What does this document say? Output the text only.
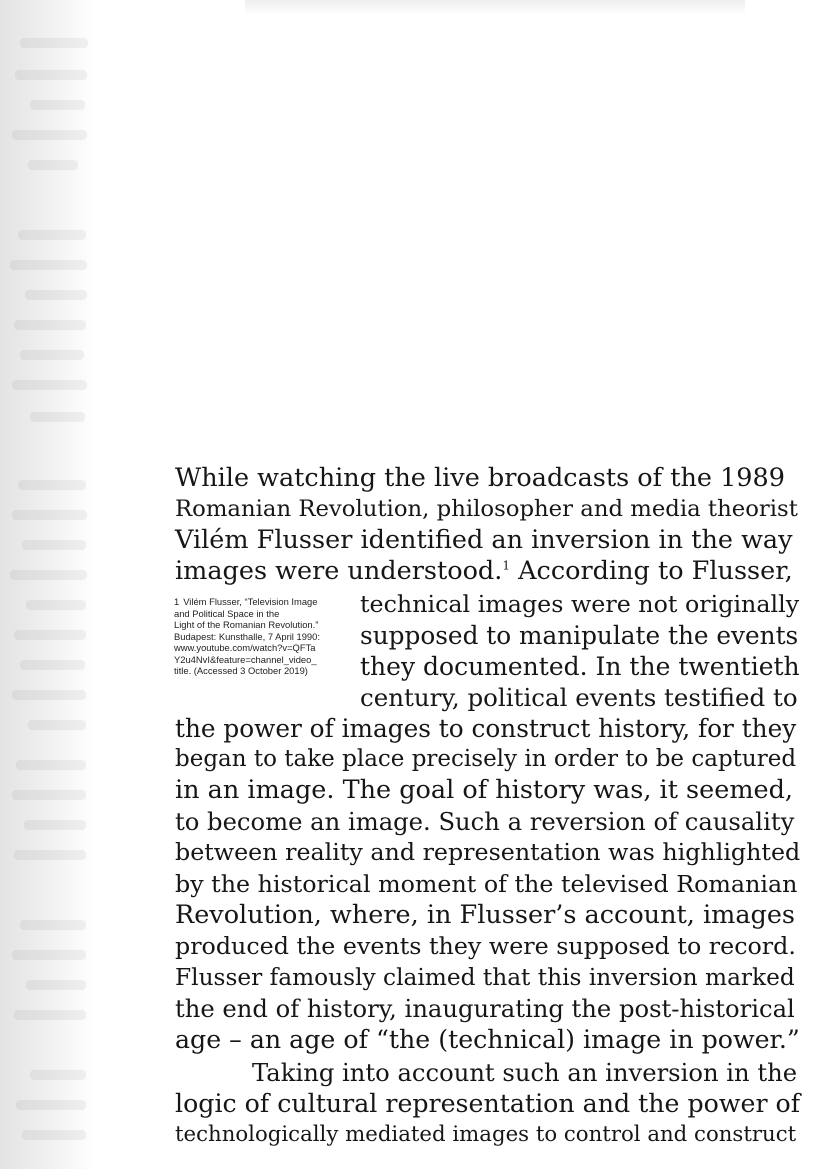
While watching the live broadcasts of the 1989

Romanian Revolution, philosopher and media theorist

Vilém Flusser identified an inversion in the way

images were understood.$^1$ According to Flusser,

technical images were not originally

supposed to manipulate the events

they documented. In the twentieth

century, political events testified to

the power of images to construct history, for they

began to take place precisely in order to be captured

in an image. The goal of history was, it seemed,

to become an image. Such a reversion of causality

between reality and representation was highlighted

by the historical moment of the televised Romanian

Revolution, where, in Flusser’s account, images

produced the events they were supposed to record.

Flusser famously claimed that this inversion marked

the end of history, inaugurating the post-historical

age – an age of “the (technical) image in power.”

Taking into account such an inversion in the

logic of cultural representation and the power of

technologically mediated images to control and construct

1 Vilém Flusser, “Television Image
and Political Space in the
Light of the Romanian Revolution.”
Budapest: Kunsthalle, 7 April 1990:
www.youtube.com/watch?v=QFTa
Y2u4NvI&feature=channel_video_
title. (Accessed 3 October 2019)
